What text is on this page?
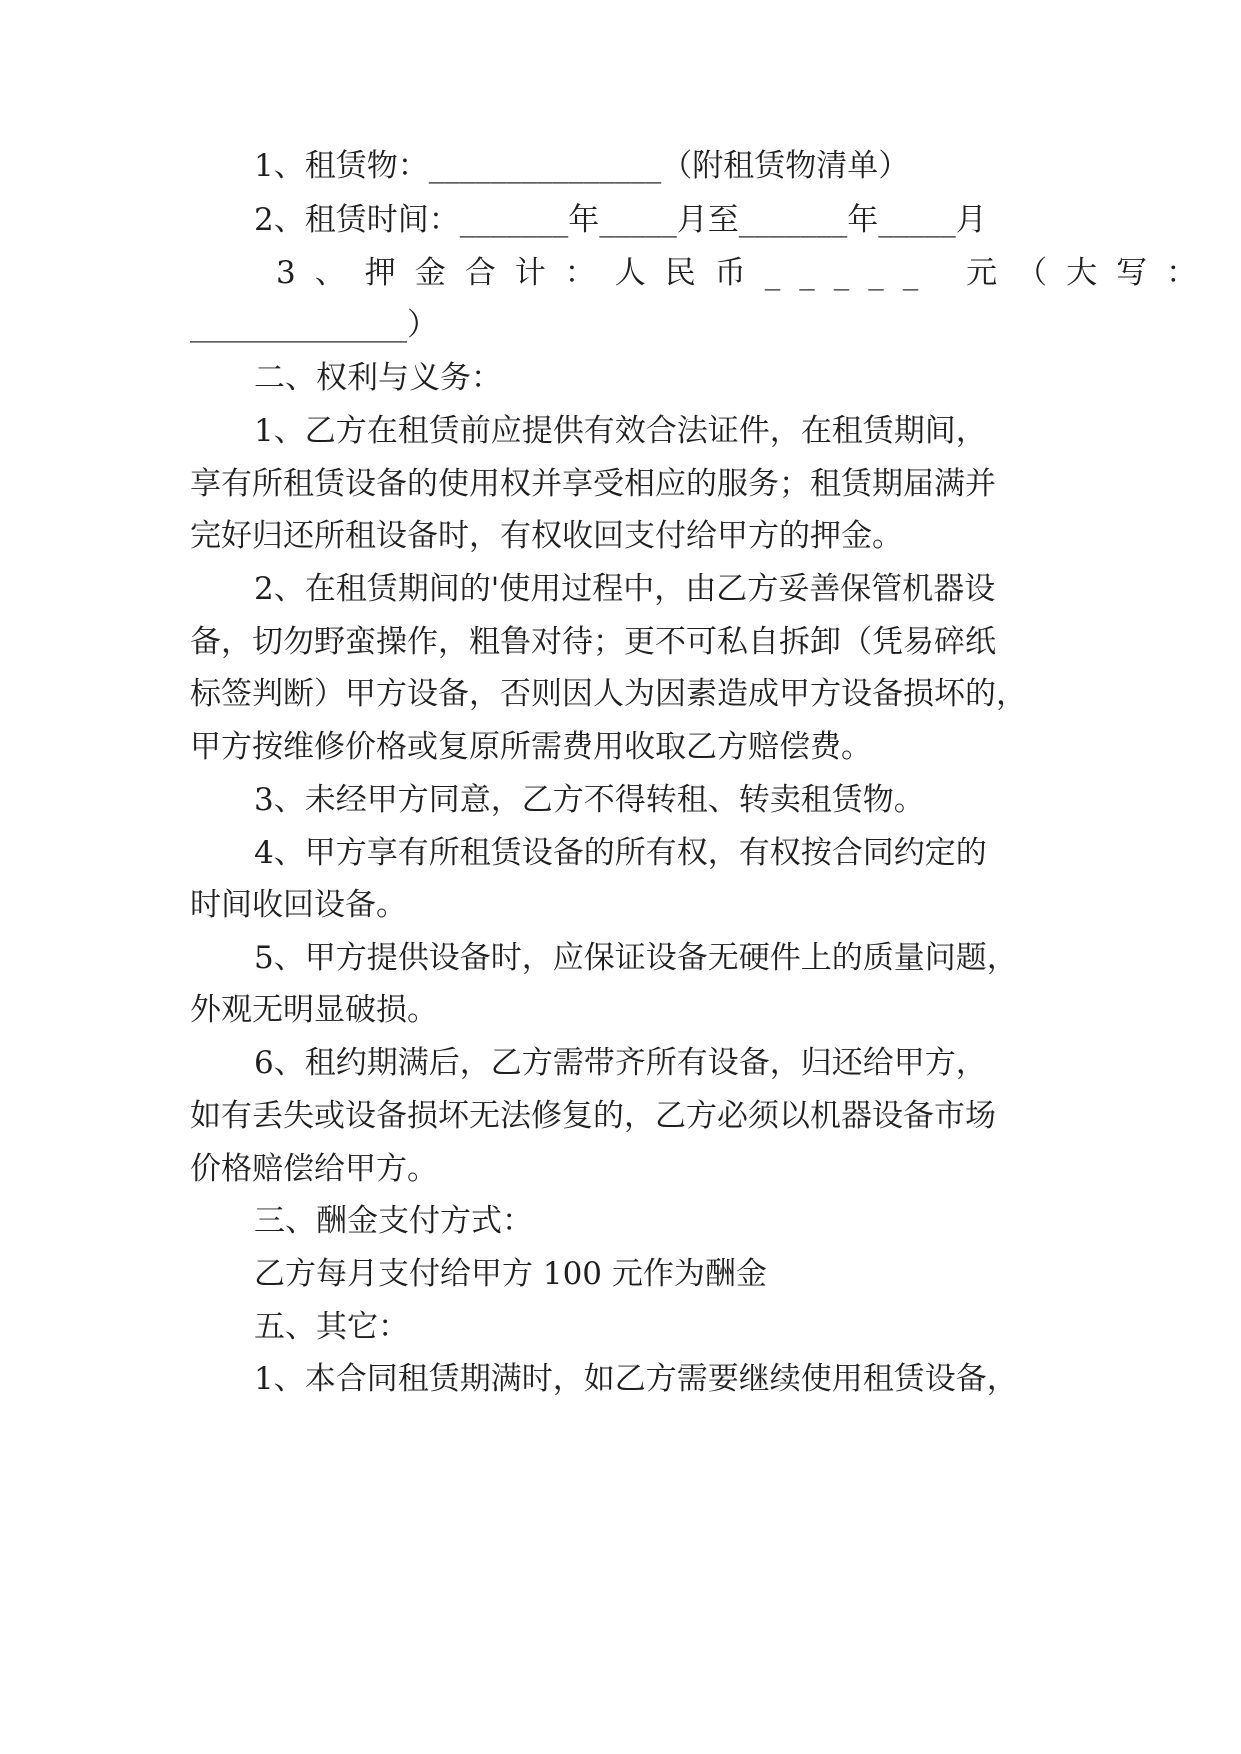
1、租赁物：_______________（附租赁物清单）

2、租赁时间：_______年_____月至_______年_____月

3、押金合计：人民币_____ 元（大写：

______________）

二、权利与义务：

1、乙方在租赁前应提供有效合法证件，在租赁期间，

享有所租赁设备的使用权并享受相应的服务；租赁期届满并

完好归还所租设备时，有权收回支付给甲方的押金。

2、在租赁期间的'使用过程中，由乙方妥善保管机器设

备，切勿野蛮操作，粗鲁对待；更不可私自拆卸（凭易碎纸

标签判断）甲方设备，否则因人为因素造成甲方设备损坏的，

甲方按维修价格或复原所需费用收取乙方赔偿费。

3、未经甲方同意，乙方不得转租、转卖租赁物。

4、甲方享有所租赁设备的所有权，有权按合同约定的

时间收回设备。

5、甲方提供设备时，应保证设备无硬件上的质量问题，

外观无明显破损。

6、租约期满后，乙方需带齐所有设备，归还给甲方，

如有丢失或设备损坏无法修复的，乙方必须以机器设备市场

价格赔偿给甲方。

三、酬金支付方式：

乙方每月支付给甲方 100 元作为酬金

五、其它：

1、本合同租赁期满时，如乙方需要继续使用租赁设备，
